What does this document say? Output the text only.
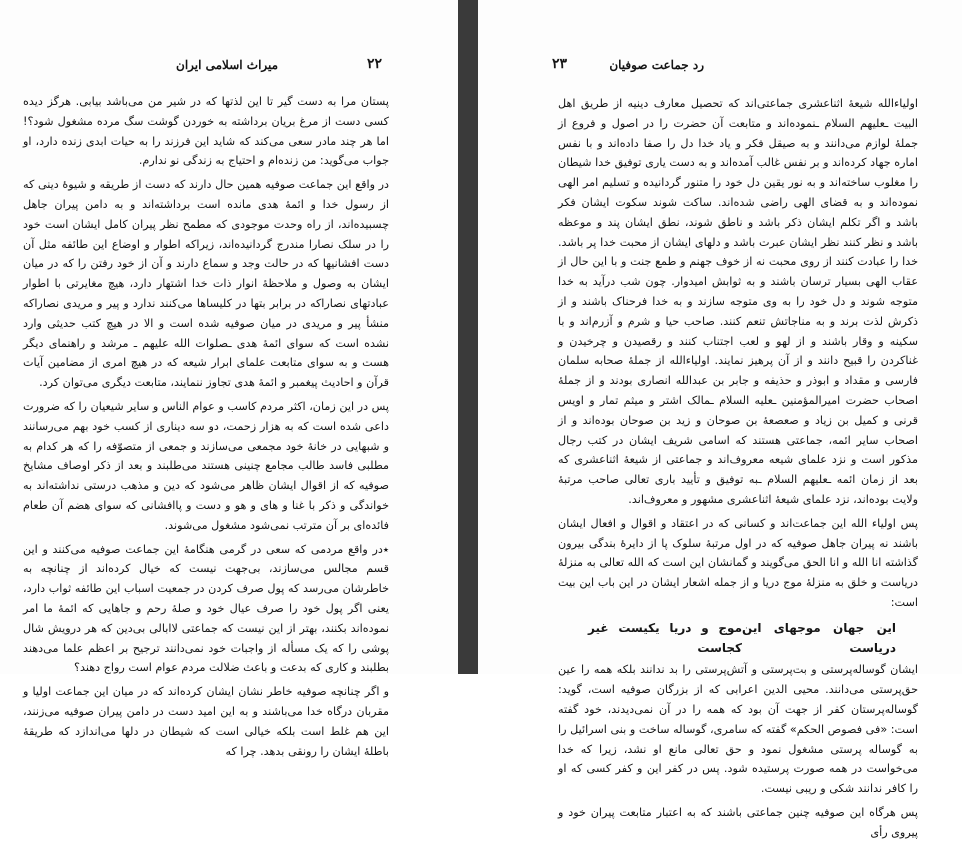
میراث اسلامی ایران	۲۲

پستان مرا به دست گیر تا این لذتها که در شیر من می‌باشد بیابی. هرگز دیده کسی دست از مرغ بریان برداشته به خوردن گوشت سگ مرده مشغول شود؟! اما هر چند مادر سعی می‌کند که شاید این فرزند را به حیات ابدی زنده دارد، او جواب می‌گوید: من زنده‌ام و احتیاج به زندگی نو ندارم.

در واقع این جماعت صوفیه همین حال دارند که دست از طریقه و شیوهٔ دینی که از رسول خدا و ائمهٔ هدی مانده است برداشته‌اند و به دامن پیران جاهل چسبیده‌اند، از راه وحدت موجودی که مطمح نظر پیران کامل ایشان است خود را در سلک نصارا مندرج گردانیده‌اند، زیراکه اطوار و اوضاع این طائفه مثل آن دست افشانیها که در حالت وجد و سماع دارند و آن از خود رفتن را که در میان ایشان به وصول و ملاحظهٔ انوار ذات خدا اشتهار دارد، هیچ مغایرتی با اطوار عبادتهای نصاراکه در برابر بتها در کلیساها می‌کنند ندارد و پیر و مریدی نصاراکه منشأ پیر و مریدی در میان صوفیه شده است و الا در هیچ کتب حدیثی وارد نشده است که سوای ائمهٔ هدی ـصلوات الله علیهم ـ مرشد و راهنمای دیگر هست و به سوای متابعت علمای ابرار شیعه که در هیچ امری از مضامین آیات قرآن و احادیث پیغمبر و ائمهٔ هدی تجاوز ننمایند، متابعت دیگری می‌توان کرد.

پس در این زمان، اکثر مردم کاسب و عوام الناس و سایر شیعیان را که ضرورت داعی شده است که به هزار زحمت، دو سه دیناری از کسب خود بهم می‌رسانند و شبهایی در خانهٔ خود مجمعی می‌سازند و جمعی از متصوّفه را که هر کدام به مطلبی فاسد طالب مجامع چنینی هستند می‌طلبند و بعد از ذکر اوصاف مشایخ صوفیه که از اقوال ایشان ظاهر می‌شود که دین و مذهب درستی نداشته‌اند به خواندگی و ذکر با غنا و های و هو و دست و پاافشانی که سوای هضم آن طعام فائده‌ای بر آن مترتب نمی‌شود مشغول می‌شوند.

٭در واقع مردمی که سعی در گرمی هنگامهٔ این جماعت صوفیه می‌کنند و این قسم مجالس می‌سازند، بی‌جهت نیست که خیال کرده‌اند از چنانچه به خاطرشان می‌رسد که پول صرف کردن در جمعیت اسباب این طائفه ثواب دارد، یعنی اگر پول خود را صرف عیال خود و صلهٔ رحم و جاهایی که ائمهٔ ما امر نموده‌اند بکنند، بهتر از این نیست که جماعتی لاابالی بی‌دین که هر درویش شال پوشی را که یک مسأله از واجبات خود نمی‌دانند ترجیح بر اعظم علما می‌دهند بطلبند و کاری که بدعت و باعث ضلالت مردم عوام است رواج دهند؟

و اگر چنانچه صوفیه خاطر نشان ایشان کرده‌اند که در میان این جماعت اولیا و مقربان درگاه خدا می‌باشند و به این امید دست در دامن پیران صوفیه می‌زنند، این هم غلط است بلکه خیالی است که شیطان در دلها می‌اندازد که طریقهٔ باطلهٔ ایشان را رونقی بدهد. چرا که

رد جماعت صوفیان
۲۳

اولیاءالله شیعهٔ اثناعشری جماعتی‌اند که تحصیل معارف دینیه از طریق اهل البیت ـعلیهم السلام ـنموده‌اند و متابعت آن حضرت را در اصول و فروع از جملهٔ لوازم می‌دانند و به صیقل فکر و یاد خدا دل را صفا داده‌اند و با نفس اماره جهاد کرده‌اند و بر نفس غالب آمده‌اند و به دست یاری توفیق خدا شیطان را مغلوب ساخته‌اند و به نور یقین دل خود را متنور گردانیده و تسلیم امر الهی نموده‌اند و به قضای الهی راضی شده‌اند. ساکت شوند سکوت ایشان فکر باشد و اگر تکلم ایشان ذکر باشد و ناطق شوند، نطق ایشان پند و موعظه باشد و نظر کنند نظر ایشان عبرت باشد و دلهای ایشان از محبت خدا پر باشد. خدا را عبادت کنند از روی محبت نه از خوف جهنم و طمع جنت و با این حال از عقاب الهی بسیار ترسان باشند و به ثوابش امیدوار. چون شب درآید به خدا متوجه شوند و دل خود را به وی متوجه سازند و به خدا فرحناک باشند و از ذکرش لذت برند و به مناجاتش تنعم کنند. صاحب حیا و شرم و آزرم‌اند و با سکینه و وقار باشند و از لهو و لعب اجتناب کنند و رقصیدن و چرخیدن و غناکردن را قبیح دانند و از آن پرهیز نمایند. اولیاءالله از جملهٔ صحابه سلمان فارسی و مقداد و ابوذر و حذیفه و جابر بن عبدالله انصاری بودند و از جملهٔ اصحاب حضرت امیرالمؤمنین ـعلیه السلام ـمالک اشتر و میثم تمار و اویس قرنی و کمیل بن زیاد و صعصعهٔ بن صوحان و زید بن صوحان بوده‌اند و از اصحاب سایر ائمه، جماعتی هستند که اسامی شریف ایشان در کتب رجال مذکور است و نزد علمای شیعه معروف‌اند و جماعتی از شیعهٔ اثناعشری که بعد از زمان ائمه ـعلیهم السلام ـبه توفیق و تأیید باری تعالی صاحب مرتبهٔ ولایت بوده‌اند، نزد علمای شیعهٔ اثناعشری مشهور و معروف‌اند.

پس اولیاء الله این جماعت‌اند و کسانی که در اعتقاد و اقوال و افعال ایشان باشند نه پیران جاهل صوفیه که در اول مرتبهٔ سلوک پا از دایرهٔ بندگی بیرون گذاشته انا الله و انا الحق می‌گویند و گمانشان این است که الله تعالی به منزلهٔ دریاست و خلق به منزلهٔ موج دریا و از جمله اشعار ایشان در این باب این بیت است:

این جهان موجهای این دریاست
موج و دریا یکیست غیر کجاست

ایشان گوساله‌پرستی و بت‌پرستی و آتش‌پرستی را بد ندانند بلکه همه را عین حق‌پرستی می‌دانند. محیی الدین اعرابی که از بزرگان صوفیه است، گوید: گوساله‌پرستان کفر از جهت آن بود که همه را در آن نمی‌دیدند، خود گفته است: «فی فصوص الحکم» گفته که سامری، گوساله ساخت و بنی اسرائیل را به گوساله پرستی مشغول نمود و حق تعالی مانع او نشد، زیرا که خدا می‌خواست در همه صورت پرستیده شود. پس در کفر این و کفر کسی که او را کافر ندانند شکی و ریبی نیست.

پس هرگاه این صوفیه چنین جماعتی باشند که به اعتبار متابعت پیران خود و پیروی رأی
